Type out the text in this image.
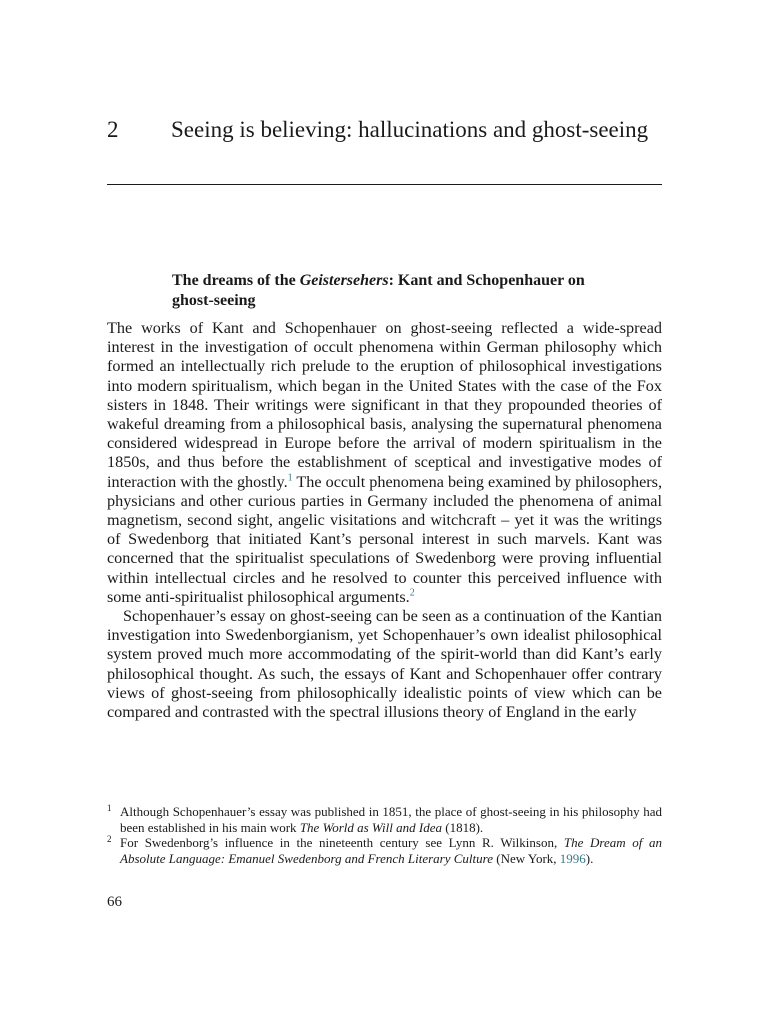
2 Seeing is believing: hallucinations and ghost-seeing
The dreams of the Geistersehers: Kant and Schopenhauer on ghost-seeing

The works of Kant and Schopenhauer on ghost-seeing reflected a wide-spread interest in the investigation of occult phenomena within German philosophy which formed an intellectually rich prelude to the eruption of philosophical investigations into modern spiritualism, which began in the United States with the case of the Fox sisters in 1848. Their writings were significant in that they propounded theories of wakeful dreaming from a philosophical basis, analysing the supernatural phenomena considered widespread in Europe before the arrival of modern spiritualism in the 1850s, and thus before the establishment of sceptical and investigative modes of interaction with the ghostly.$^1$ The occult phenomena being examined by philosophers, physicians and other curious parties in Germany included the phenomena of animal magnetism, second sight, angelic visitations and witchcraft – yet it was the writings of Swedenborg that initiated Kant’s personal interest in such marvels. Kant was concerned that the spiritualist speculations of Swedenborg were proving influential within intellectual circles and he resolved to counter this perceived influence with some anti-spiritualist philosophical arguments.$^2$

Schopenhauer’s essay on ghost-seeing can be seen as a continuation of the Kantian investigation into Swedenborgianism, yet Schopenhauer’s own idealist philosophical system proved much more accommodating of the spirit-world than did Kant’s early philosophical thought. As such, the essays of Kant and Schopenhauer offer contrary views of ghost-seeing from philosophically idealistic points of view which can be compared and contrasted with the spectral illusions theory of England in the early

1 Although Schopenhauer’s essay was published in 1851, the place of ghost-seeing in his philosophy had been established in his main work The World as Will and Idea (1818).

2 For Swedenborg’s influence in the nineteenth century see Lynn R. Wilkinson, The Dream of an Absolute Language: Emanuel Swedenborg and French Literary Culture (New York, 1996).

66
